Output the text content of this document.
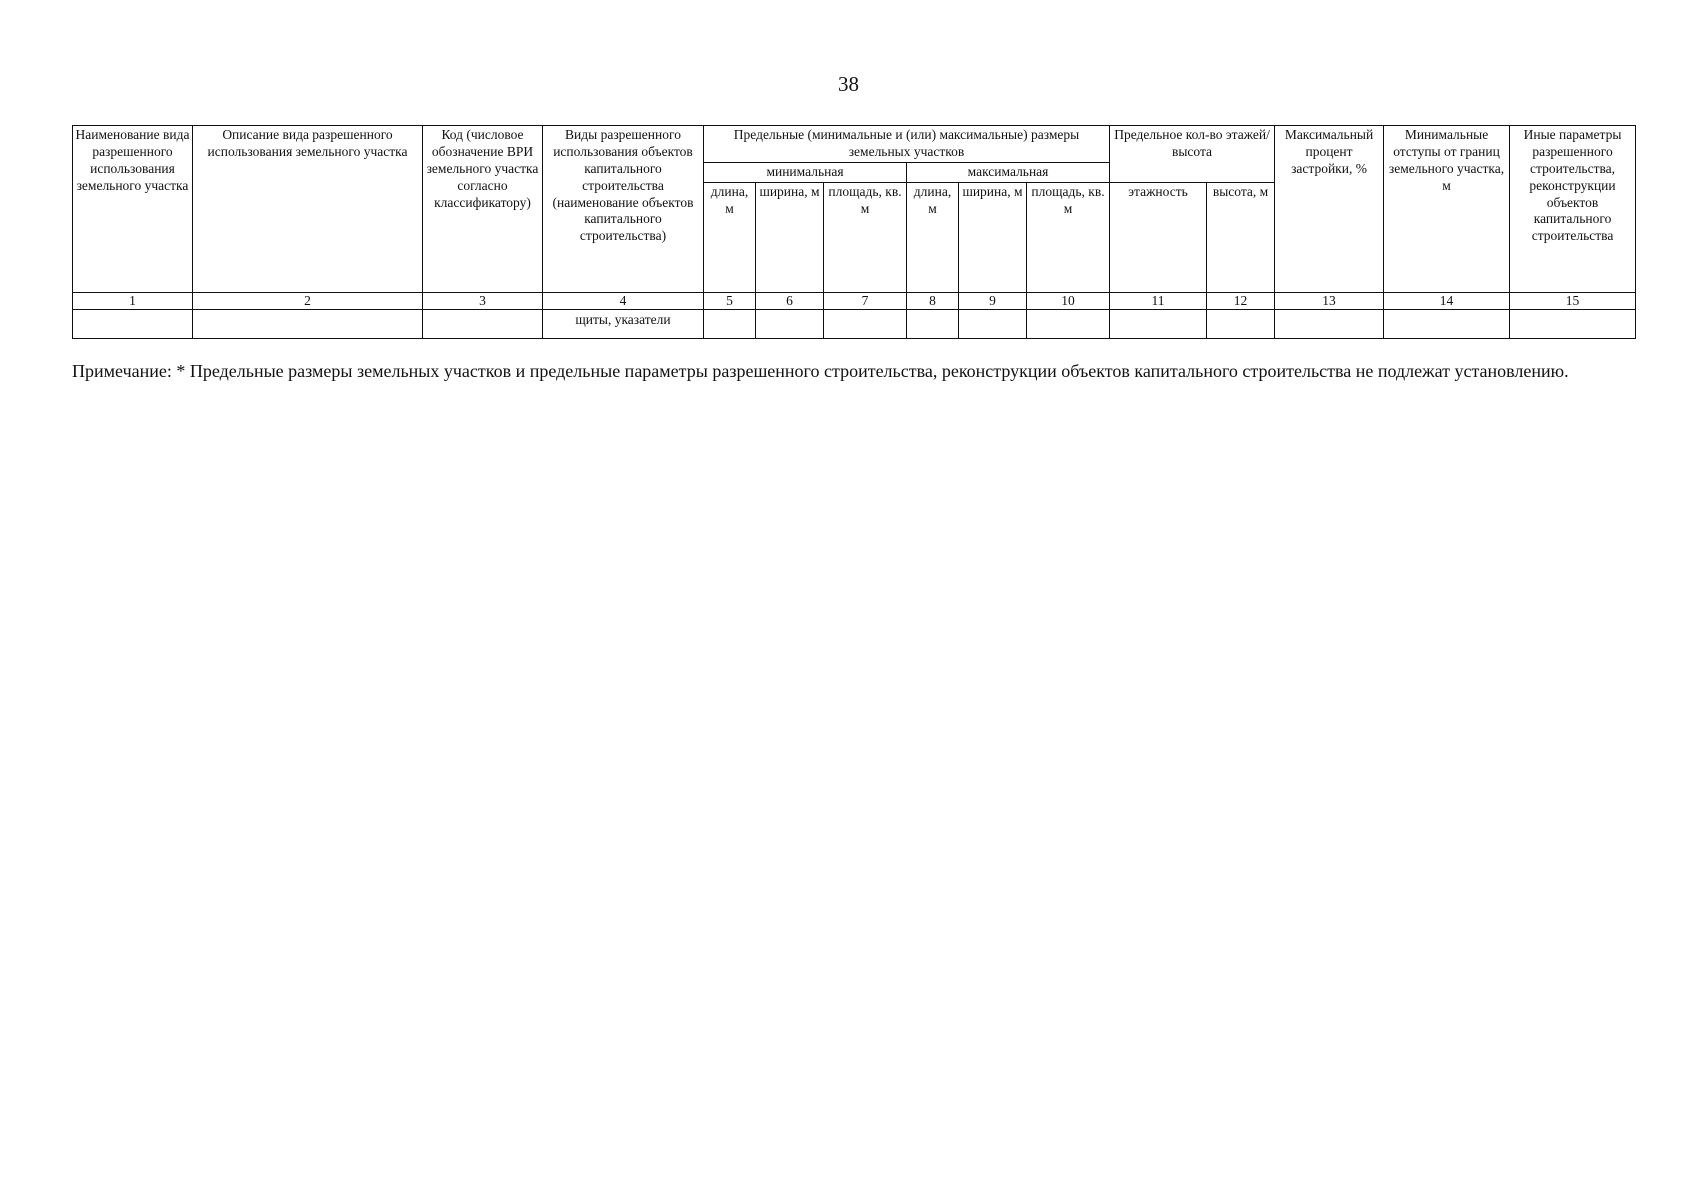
38
Наименование вида разрешенного использования земельного участка	Описание вида разрешенного использования земельного участка	Код (числовое обозначение ВРИ земельного участка согласно классификатору)	Виды разрешенного использования объектов капитального строительства (наименование объектов капитального строительства)	Предельные (минимальные и (или) максимальные) размеры земельных участков						Предельное кол-во этажей/высота		Максимальный процент застройки, %	Минимальные отступы от границ земельного участка, м	Иные параметры разрешенного строительства, реконструкции объектов капитального строительства
				минимальная			максимальная							
				длина, м	ширина, м	площадь, кв. м	длина, м	ширина, м	площадь, кв. м	этажность	высота, м			
1	2	3	4	5	6	7	8	9	10	11	12	13	14	15
			щиты, указатели											
Примечание: * Предельные размеры земельных участков и предельные параметры разрешенного строительства, реконструкции объектов капитального строительства не подлежат установлению.
